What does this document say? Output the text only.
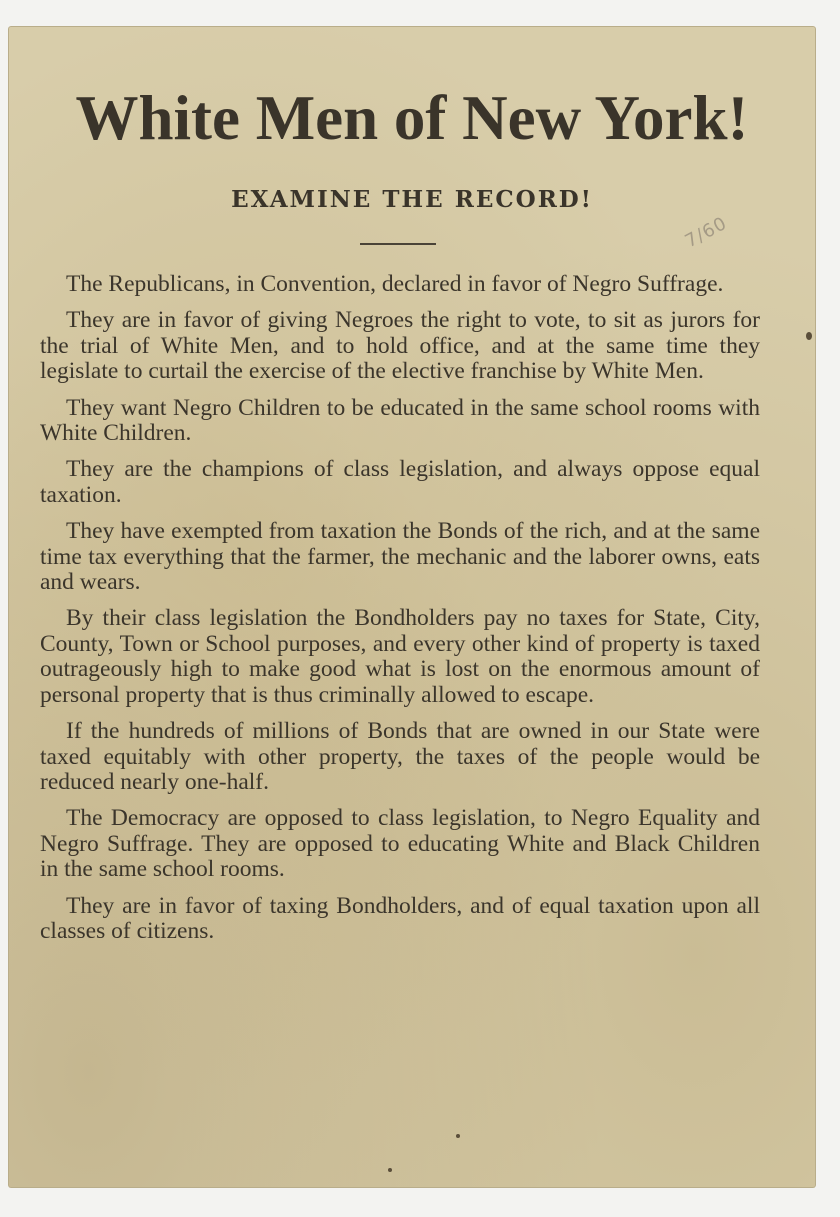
White Men of New York!
EXAMINE THE RECORD!
7/60

The Republicans, in Convention, declared in favor of Negro Suffrage.

They are in favor of giving Negroes the right to vote, to sit as jurors for the trial of White Men, and to hold office, and at the same time they legislate to curtail the exercise of the elective franchise by White Men.

They want Negro Children to be educated in the same school rooms with White Children.

They are the champions of class legislation, and always oppose equal taxation.

They have exempted from taxation the Bonds of the rich, and at the same time tax everything that the farmer, the mechanic and the laborer owns, eats and wears.

By their class legislation the Bondholders pay no taxes for State, City, County, Town or School purposes, and every other kind of property is taxed outrageously high to make good what is lost on the enormous amount of personal property that is thus criminally allowed to escape.

If the hundreds of millions of Bonds that are owned in our State were taxed equitably with other property, the taxes of the people would be reduced nearly one-half.

The Democracy are opposed to class legislation, to Negro Equality and Negro Suffrage. They are opposed to educating White and Black Children in the same school rooms.

They are in favor of taxing Bondholders, and of equal taxation upon all classes of citizens.
